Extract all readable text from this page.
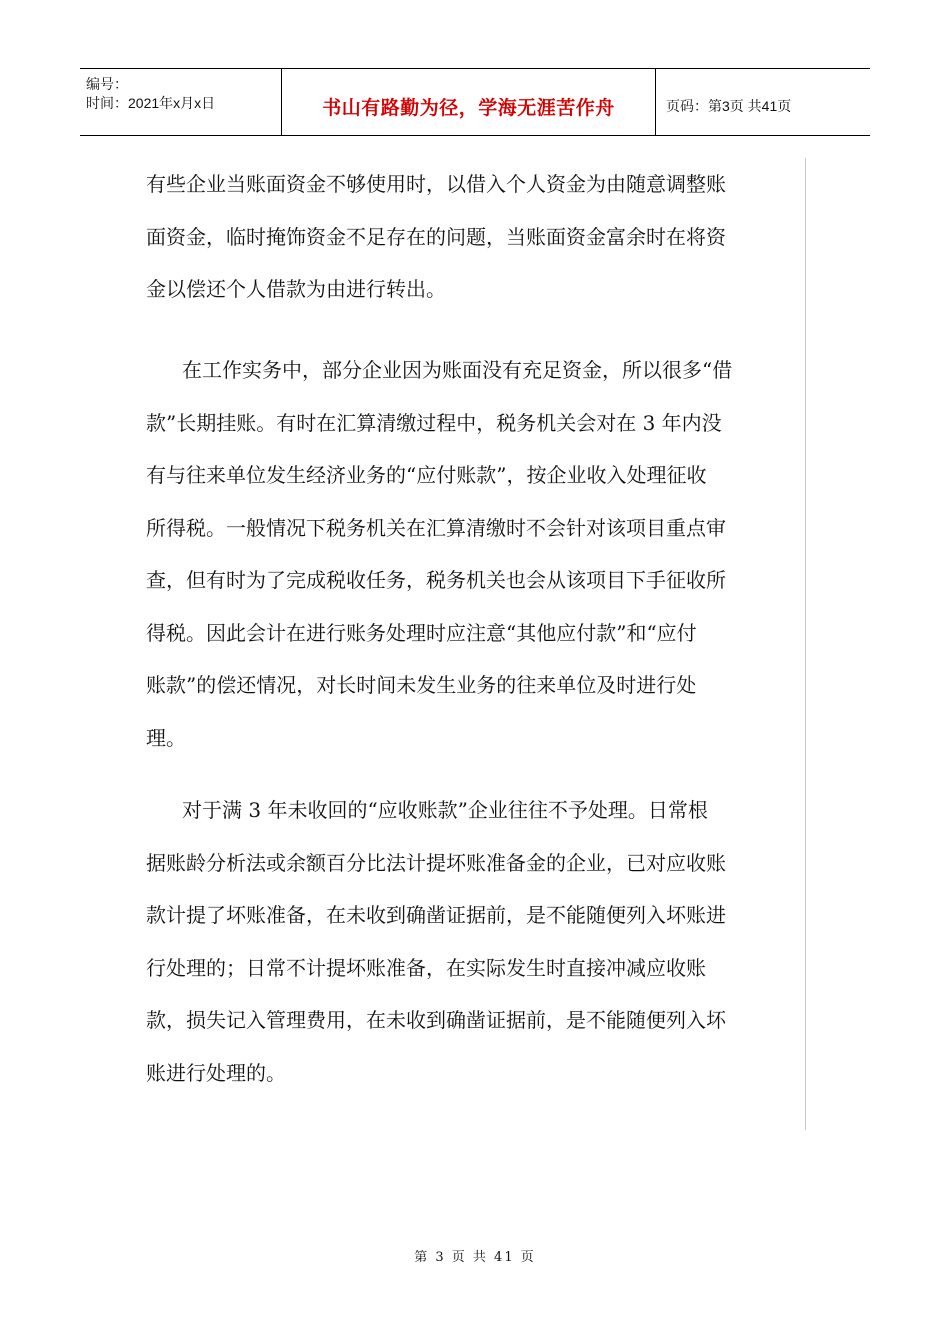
编号：
时间：2021年x月x日	书山有路勤为径，学海无涯苦作舟	页码：第3页 共41页

有些企业当账面资金不够使用时，以借入个人资金为由随意调整账

面资金，临时掩饰资金不足存在的问题，当账面资金富余时在将资

金以偿还个人借款为由进行转出。

在工作实务中，部分企业因为账面没有充足资金，所以很多“借

款”长期挂账。有时在汇算清缴过程中，税务机关会对在 3 年内没

有与往来单位发生经济业务的“应付账款”，按企业收入处理征收

所得税。一般情况下税务机关在汇算清缴时不会针对该项目重点审

查，但有时为了完成税收任务，税务机关也会从该项目下手征收所

得税。因此会计在进行账务处理时应注意“其他应付款”和“应付

账款”的偿还情况，对长时间未发生业务的往来单位及时进行处

理。

对于满 3 年未收回的“应收账款”企业往往不予处理。日常根

据账龄分析法或余额百分比法计提坏账准备金的企业，已对应收账

款计提了坏账准备，在未收到确凿证据前，是不能随便列入坏账进

行处理的；日常不计提坏账准备，在实际发生时直接冲减应收账

款，损失记入管理费用，在未收到确凿证据前，是不能随便列入坏

账进行处理的。

第 3 页 共 41 页
